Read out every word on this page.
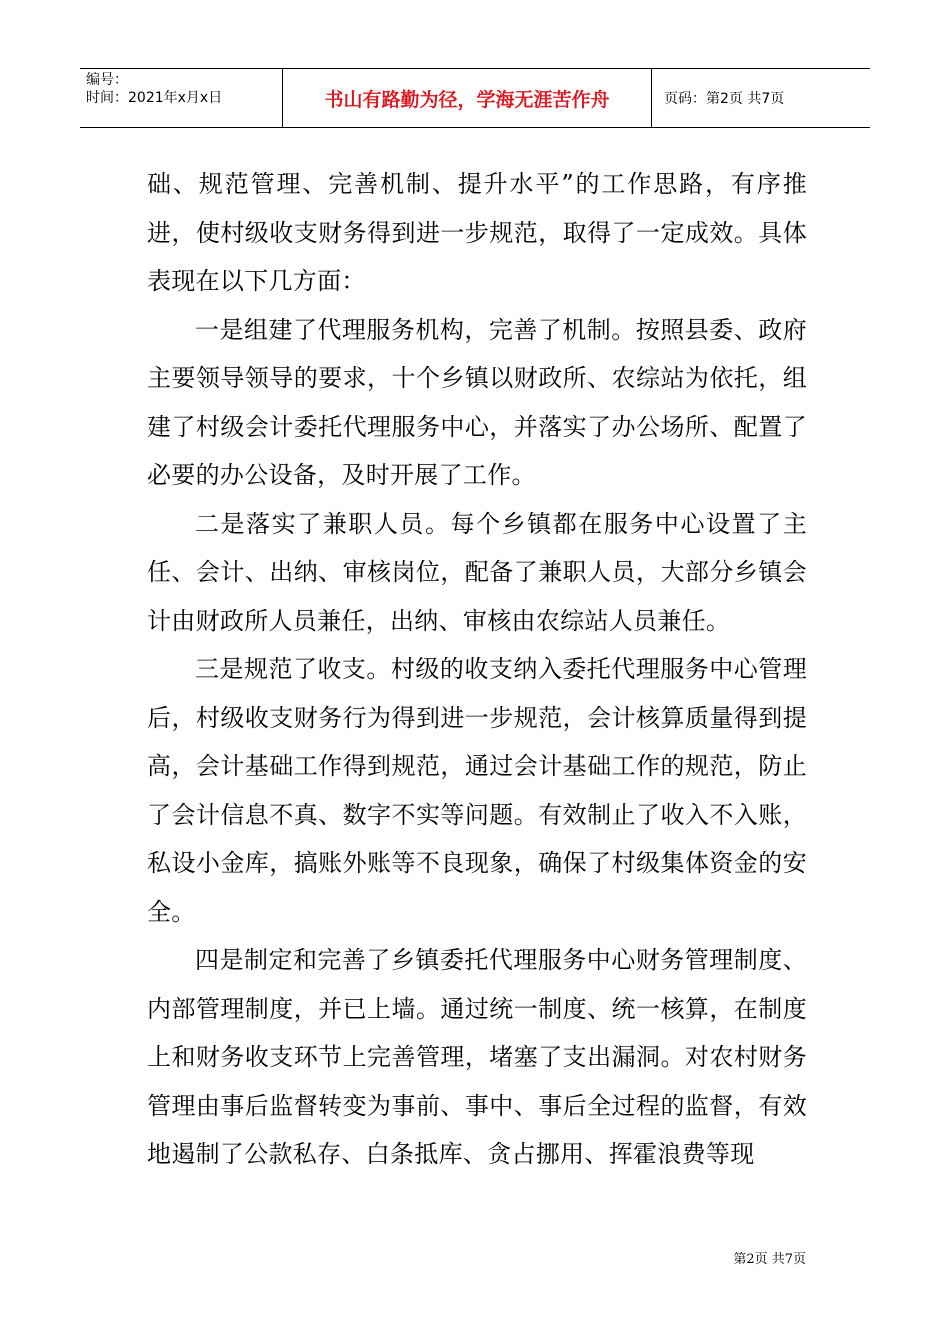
编号：
时间：2021年x月x日	书山有路勤为径，学海无涯苦作舟	页码：第2页 共7页

础、规范管理、完善机制、提升水平”的工作思路，有序推进，使村级收支财务得到进一步规范，取得了一定成效。具体表现在以下几方面：

一是组建了代理服务机构，完善了机制。按照县委、政府主要领导领导的要求，十个乡镇以财政所、农综站为依托，组建了村级会计委托代理服务中心，并落实了办公场所、配置了必要的办公设备，及时开展了工作。

二是落实了兼职人员。每个乡镇都在服务中心设置了主任、会计、出纳、审核岗位，配备了兼职人员，大部分乡镇会计由财政所人员兼任，出纳、审核由农综站人员兼任。

三是规范了收支。村级的收支纳入委托代理服务中心管理后，村级收支财务行为得到进一步规范，会计核算质量得到提高，会计基础工作得到规范，通过会计基础工作的规范，防止了会计信息不真、数字不实等问题。有效制止了收入不入账，私设小金库，搞账外账等不良现象，确保了村级集体资金的安全。

四是制定和完善了乡镇委托代理服务中心财务管理制度、内部管理制度，并已上墙。通过统一制度、统一核算，在制度上和财务收支环节上完善管理，堵塞了支出漏洞。对农村财务管理由事后监督转变为事前、事中、事后全过程的监督，有效地遏制了公款私存、白条抵库、贪占挪用、挥霍浪费等现

第2页 共7页
